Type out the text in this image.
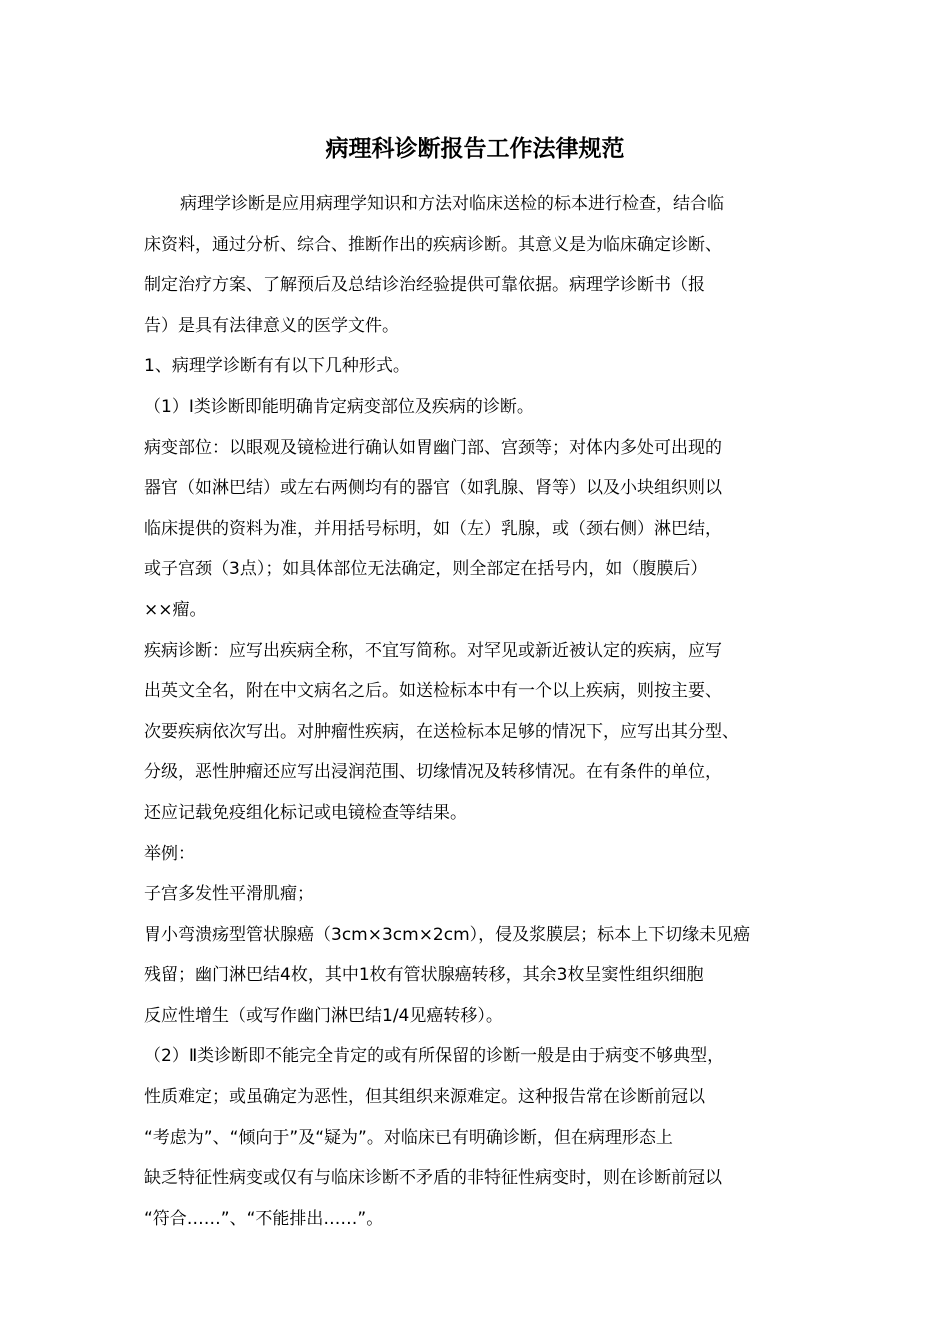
病理科诊断报告工作法律规范
病理学诊断是应用病理学知识和方法对临床送检的标本进行检查，结合临
床资料，通过分析、综合、推断作出的疾病诊断。其意义是为临床确定诊断、
制定治疗方案、了解预后及总结诊治经验提供可靠依据。病理学诊断书（报
告）是具有法律意义的医学文件。
1、病理学诊断有有以下几种形式。
（1）Ⅰ类诊断即能明确肯定病变部位及疾病的诊断。
病变部位：以眼观及镜检进行确认如胃幽门部、宫颈等；对体内多处可出现的
器官（如淋巴结）或左右两侧均有的器官（如乳腺、肾等）以及小块组织则以
临床提供的资料为准，并用括号标明，如（左）乳腺，或（颈右侧）淋巴结，
或子宫颈（3点）；如具体部位无法确定，则全部定在括号内，如（腹膜后）
××瘤。
疾病诊断：应写出疾病全称，不宜写简称。对罕见或新近被认定的疾病，应写
出英文全名，附在中文病名之后。如送检标本中有一个以上疾病，则按主要、
次要疾病依次写出。对肿瘤性疾病，在送检标本足够的情况下，应写出其分型、
分级，恶性肿瘤还应写出浸润范围、切缘情况及转移情况。在有条件的单位，
还应记载免疫组化标记或电镜检查等结果。
举例：
子宫多发性平滑肌瘤；
胃小弯溃疡型管状腺癌（3cm×3cm×2cm），侵及浆膜层；标本上下切缘未见癌
残留；幽门淋巴结4枚，其中1枚有管状腺癌转移，其余3枚呈窦性组织细胞
反应性增生（或写作幽门淋巴结1/4见癌转移）。
（2）Ⅱ类诊断即不能完全肯定的或有所保留的诊断一般是由于病变不够典型，
性质难定；或虽确定为恶性，但其组织来源难定。这种报告常在诊断前冠以
“考虑为”、“倾向于”及“疑为”。对临床已有明确诊断，但在病理形态上
缺乏特征性病变或仅有与临床诊断不矛盾的非特征性病变时，则在诊断前冠以
“符合……”、“不能排出……”。
